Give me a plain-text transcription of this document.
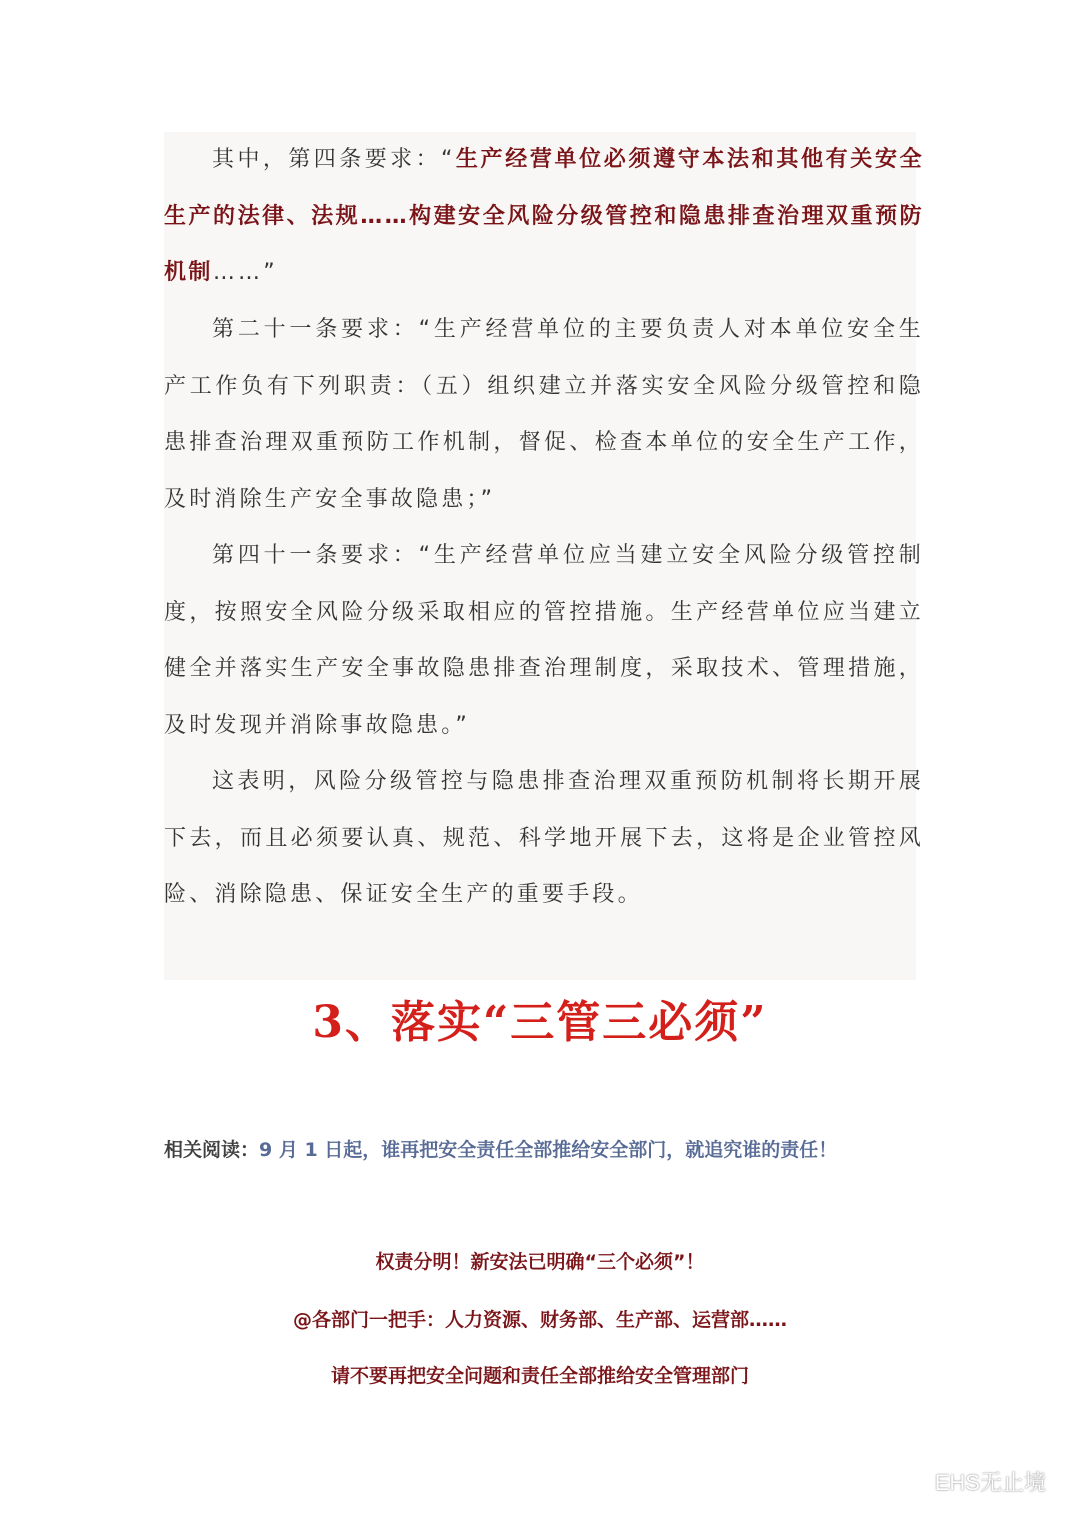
其中，第四条要求：“生产经营单位必须遵守本法和其他有关安全生产的法律、法规……构建安全风险分级管控和隐患排查治理双重预防机制……”

第二十一条要求：“生产经营单位的主要负责人对本单位安全生产工作负有下列职责：（五）组织建立并落实安全风险分级管控和隐患排查治理双重预防工作机制，督促、检查本单位的安全生产工作，及时消除生产安全事故隐患；”

第四十一条要求：“生产经营单位应当建立安全风险分级管控制度，按照安全风险分级采取相应的管控措施。生产经营单位应当建立健全并落实生产安全事故隐患排查治理制度，采取技术、管理措施，及时发现并消除事故隐患。”

这表明，风险分级管控与隐患排查治理双重预防机制将长期开展下去，而且必须要认真、规范、科学地开展下去，这将是企业管控风险、消除隐患、保证安全生产的重要手段。

3、落实“三管三必须”
相关阅读：9 月 1 日起，谁再把安全责任全部推给安全部门，就追究谁的责任！
权责分明！新安法已明确“三个必须”！
@各部门一把手：人力资源、财务部、生产部、运营部……
请不要再把安全问题和责任全部推给安全管理部门
EHS无止境
